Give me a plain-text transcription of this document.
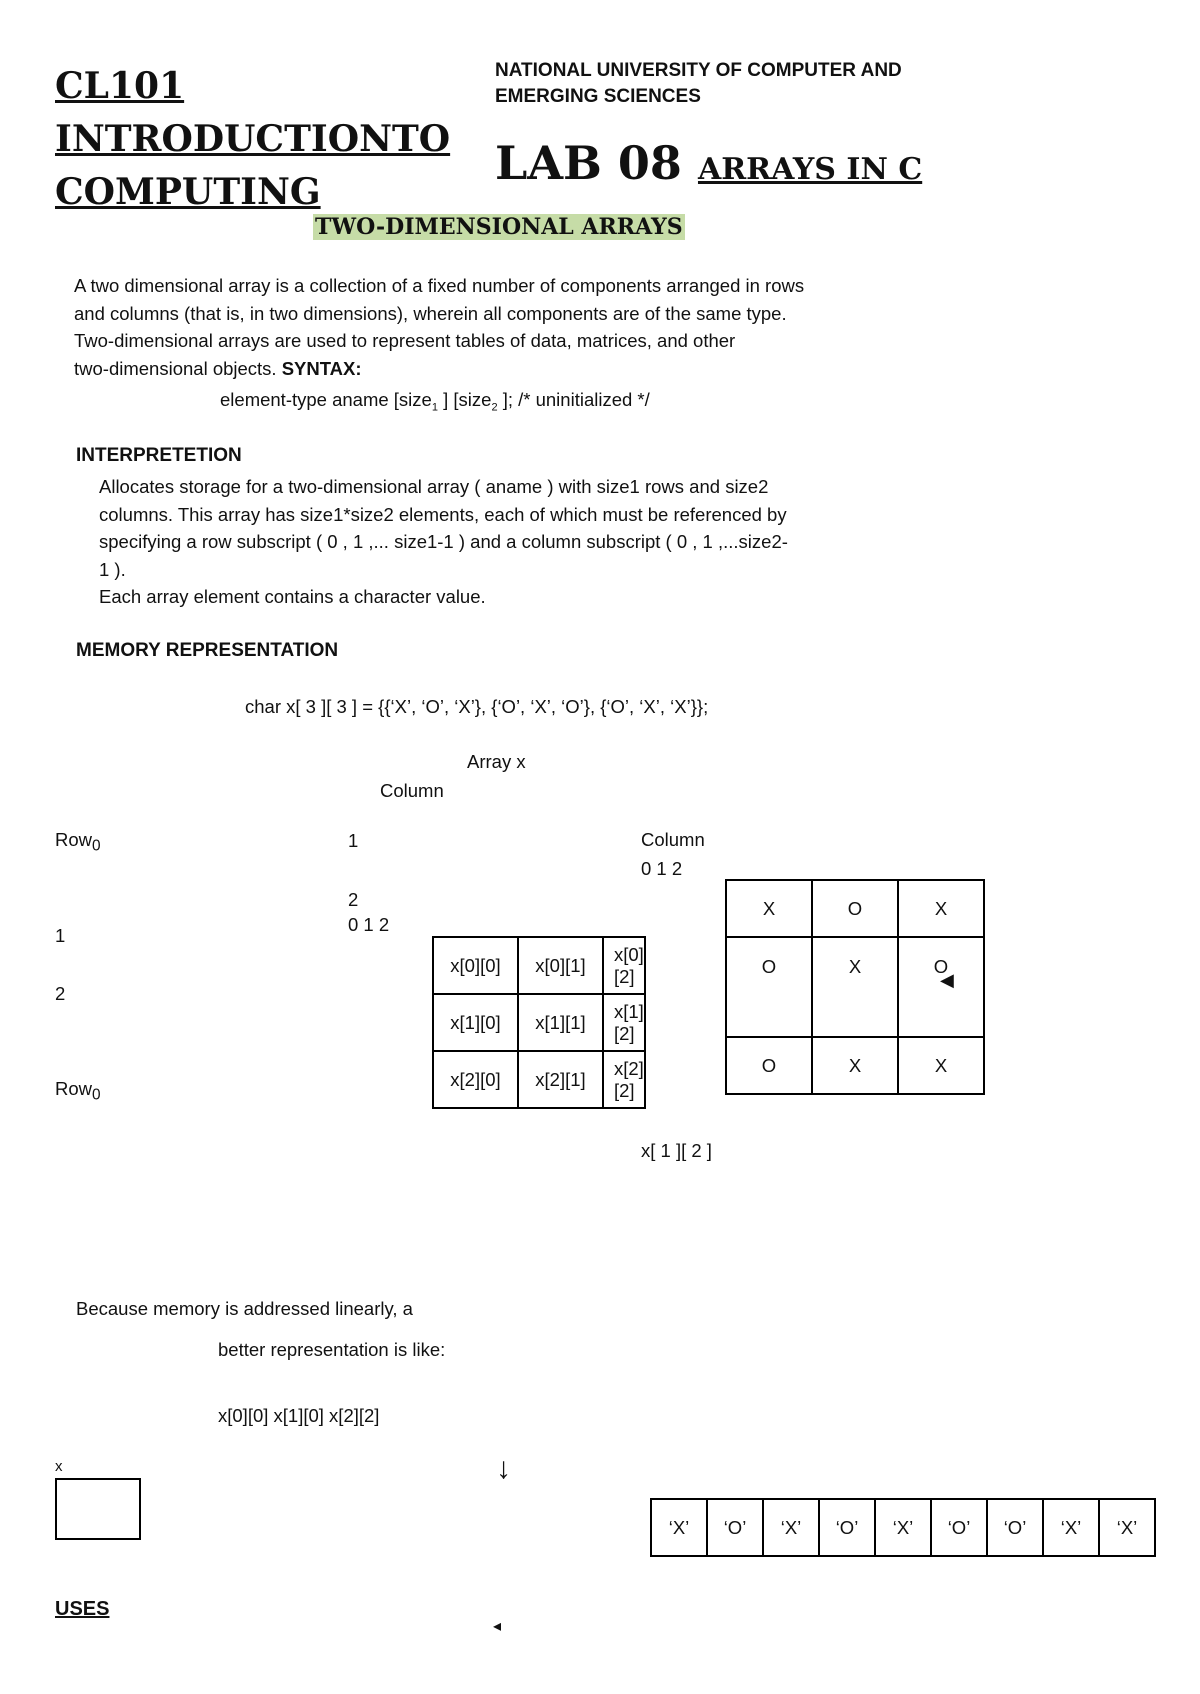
CL101
INTRODUCTIONTO
COMPUTING
NATIONAL UNIVERSITY OF COMPUTER AND
EMERGING SCIENCES
LAB 08 ARRAYS IN C
TWO-DIMENSIONAL ARRAYS
A two dimensional array is a collection of a fixed number of components arranged in rows
and columns (that is, in two dimensions), wherein all components are of the same type.
Two-dimensional arrays are used to represent tables of data, matrices, and other
two-dimensional objects. SYNTAX:
element-type aname [size$_1$ ] [size$_2$ ]; /* uninitialized */
INTERPRETETION
Allocates storage for a two-dimensional array ( aname ) with size1 rows and size2
columns. This array has size1*size2 elements, each of which must be referenced by
specifying a row subscript ( 0 , 1 ,... size1-1 ) and a column subscript ( 0 , 1 ,...size2-
1 ).
Each array element contains a character value.
MEMORY REPRESENTATION
char x[ 3 ][ 3 ] = {{‘X’, ‘O’, ‘X’}, {‘O’, ‘X’, ‘O’}, {‘O’, ‘X’, ‘X’}};
Array x
Column
Row$_0$
1
2
Row$_0$
1
2
0 1 2
Column
0 1 2
x[0][0]	x[0][1]	x[0][2]
x[1][0]	x[1][1]	x[1][2]
x[2][0]	x[2][1]	x[2][2]
X	O	X
O	X	O
O	X	X
◀
x[ 1 ][ 2 ]
Because memory is addressed linearly, a
better representation is like:
x[0][0] x[1][0] x[2][2]
x	↓
‘X’	‘O’	‘X’	‘O’	‘X’	‘O’	‘O’	‘X’	‘X’
USES
◂
